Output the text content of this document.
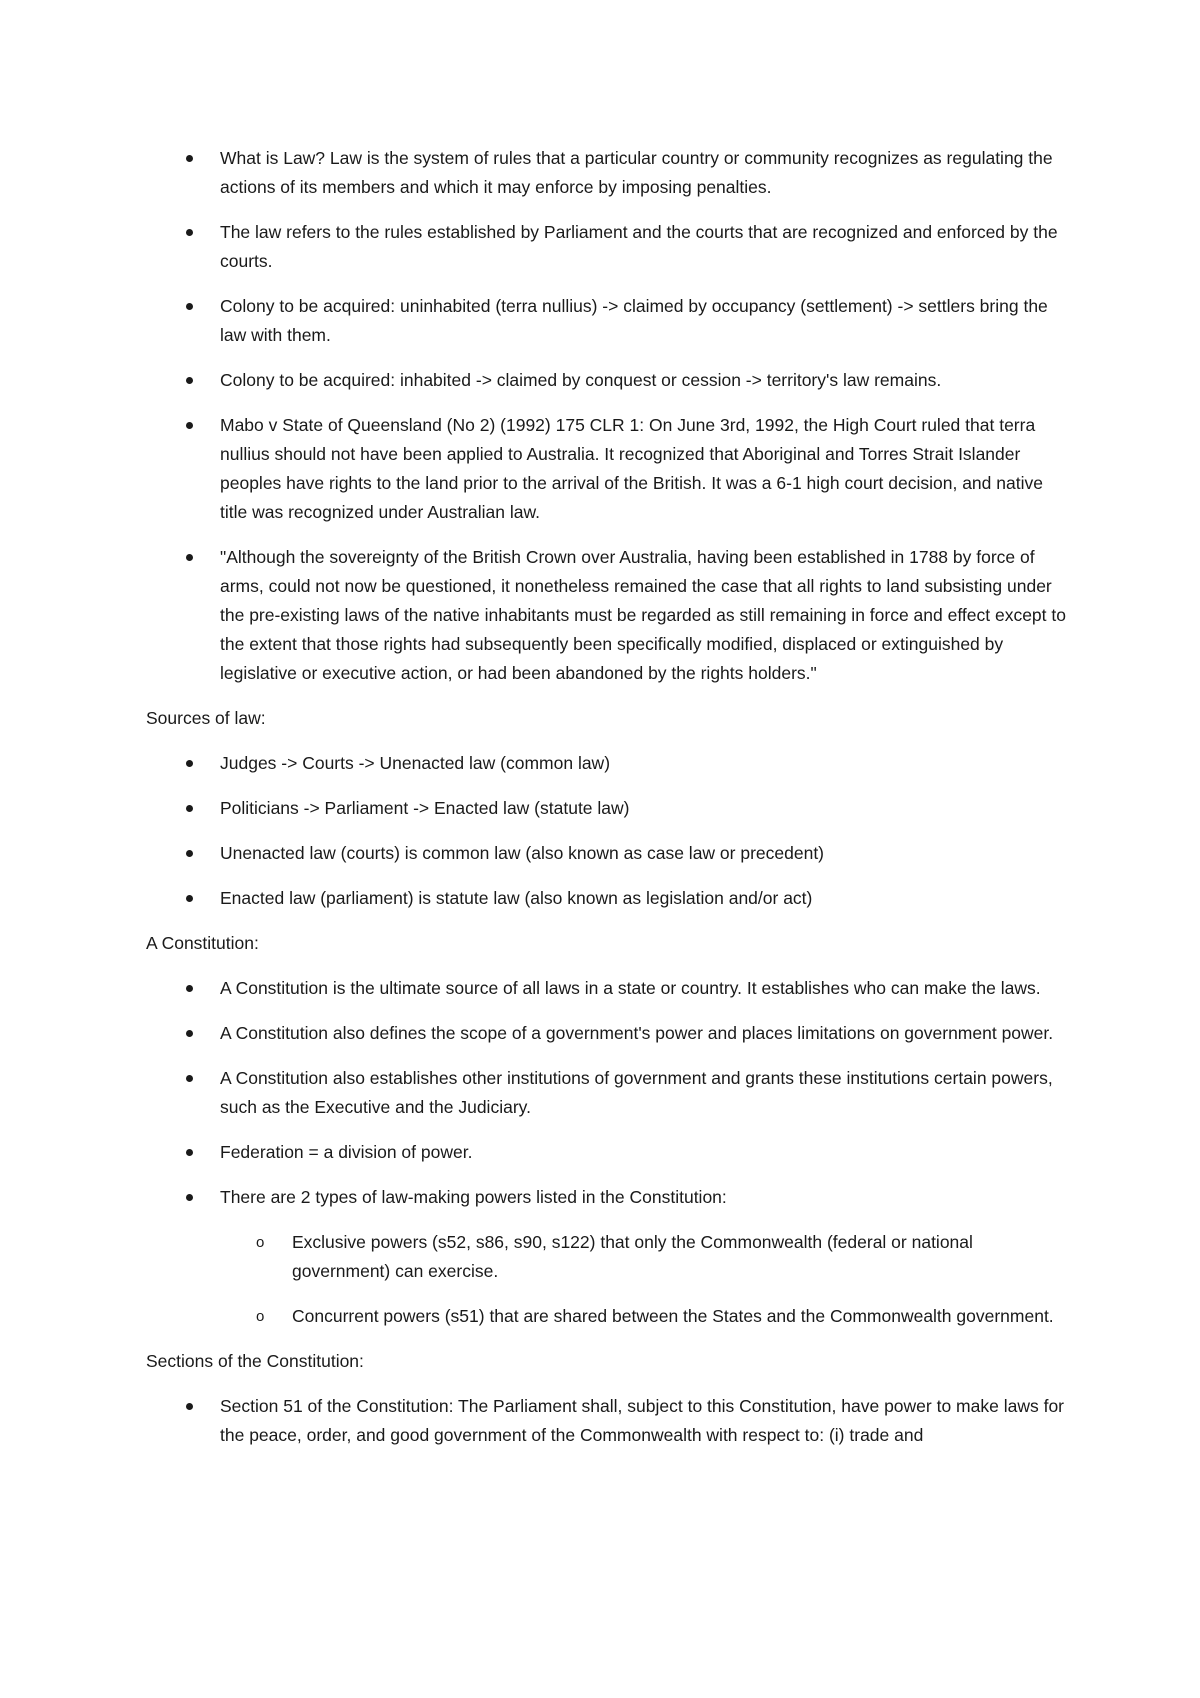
What is Law? Law is the system of rules that a particular country or community recognizes as regulating the actions of its members and which it may enforce by imposing penalties.
The law refers to the rules established by Parliament and the courts that are recognized and enforced by the courts.
Colony to be acquired: uninhabited (terra nullius) -> claimed by occupancy (settlement) -> settlers bring the law with them.
Colony to be acquired: inhabited -> claimed by conquest or cession -> territory's law remains.
Mabo v State of Queensland (No 2) (1992) 175 CLR 1: On June 3rd, 1992, the High Court ruled that terra nullius should not have been applied to Australia. It recognized that Aboriginal and Torres Strait Islander peoples have rights to the land prior to the arrival of the British. It was a 6-1 high court decision, and native title was recognized under Australian law.
"Although the sovereignty of the British Crown over Australia, having been established in 1788 by force of arms, could not now be questioned, it nonetheless remained the case that all rights to land subsisting under the pre-existing laws of the native inhabitants must be regarded as still remaining in force and effect except to the extent that those rights had subsequently been specifically modified, displaced or extinguished by legislative or executive action, or had been abandoned by the rights holders."

Sources of law:

Judges -> Courts -> Unenacted law (common law)
Politicians -> Parliament -> Enacted law (statute law)
Unenacted law (courts) is common law (also known as case law or precedent)
Enacted law (parliament) is statute law (also known as legislation and/or act)

A Constitution:

A Constitution is the ultimate source of all laws in a state or country. It establishes who can make the laws.
A Constitution also defines the scope of a government's power and places limitations on government power.
A Constitution also establishes other institutions of government and grants these institutions certain powers, such as the Executive and the Judiciary.
Federation = a division of power.
There are 2 types of law-making powers listed in the Constitution:
o Exclusive powers (s52, s86, s90, s122) that only the Commonwealth (federal or national government) can exercise.
o Concurrent powers (s51) that are shared between the States and the Commonwealth government.

Sections of the Constitution:

Section 51 of the Constitution: The Parliament shall, subject to this Constitution, have power to make laws for the peace, order, and good government of the Commonwealth with respect to: (i) trade and
